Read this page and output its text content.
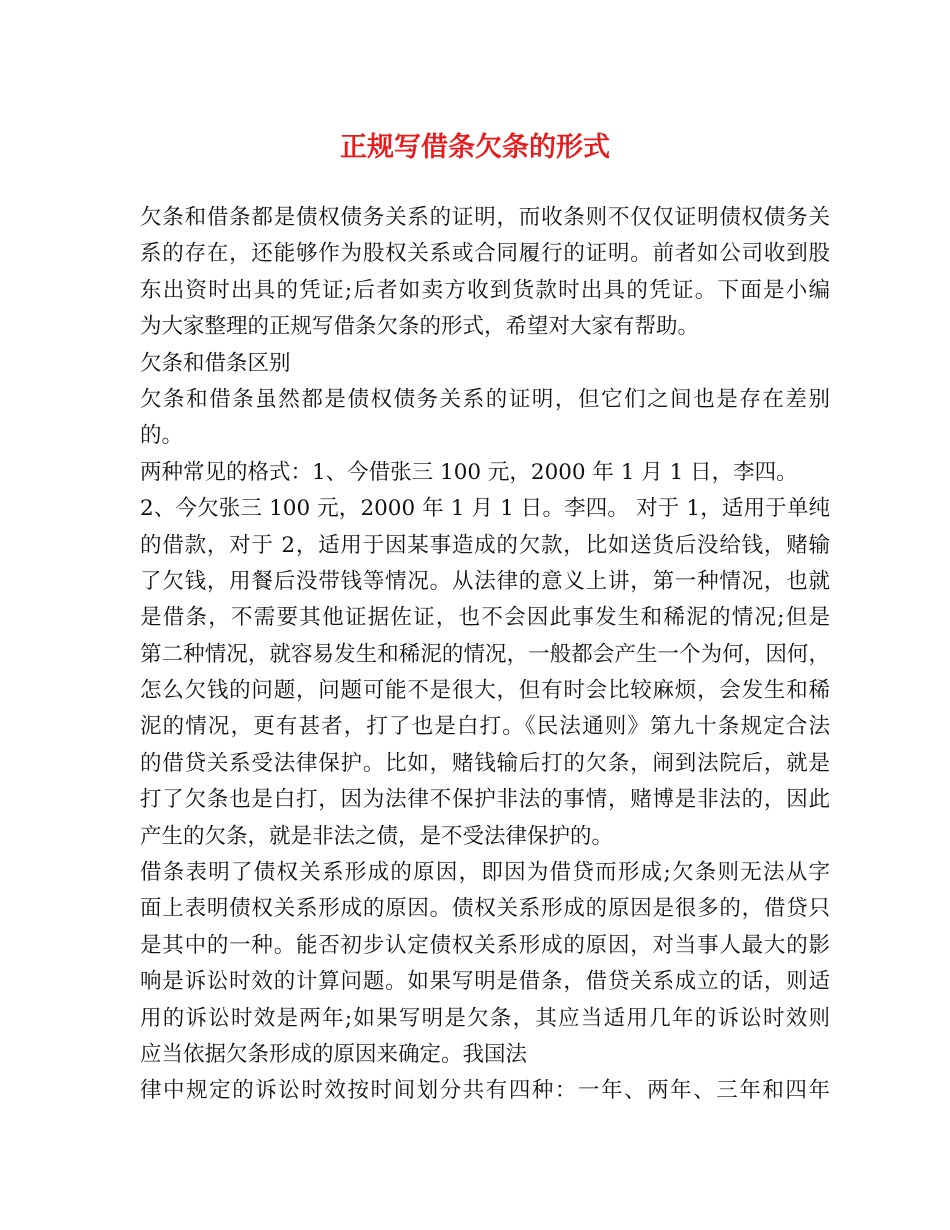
正规写借条欠条的形式
欠条和借条都是债权债务关系的证明，而收条则不仅仅证明债权债务关
系的存在，还能够作为股权关系或合同履行的证明。前者如公司收到股
东出资时出具的凭证;后者如卖方收到货款时出具的凭证。下面是小编
为大家整理的正规写借条欠条的形式，希望对大家有帮助。
欠条和借条区别
欠条和借条虽然都是债权债务关系的证明，但它们之间也是存在差别
的。
两种常见的格式：1、今借张三 100 元，2000 年 1 月 1 日，李四。
2、今欠张三 100 元，2000 年 1 月 1 日。李四。 对于 1，适用于单纯
的借款，对于 2，适用于因某事造成的欠款，比如送货后没给钱，赌输
了欠钱，用餐后没带钱等情况。从法律的意义上讲，第一种情况，也就
是借条，不需要其他证据佐证，也不会因此事发生和稀泥的情况;但是
第二种情况，就容易发生和稀泥的情况，一般都会产生一个为何，因何，
怎么欠钱的问题，问题可能不是很大，但有时会比较麻烦，会发生和稀
泥的情况，更有甚者，打了也是白打。《民法通则》第九十条规定合法
的借贷关系受法律保护。比如，赌钱输后打的欠条，闹到法院后，就是
打了欠条也是白打，因为法律不保护非法的事情，赌博是非法的，因此
产生的欠条，就是非法之债，是不受法律保护的。
借条表明了债权关系形成的原因，即因为借贷而形成;欠条则无法从字
面上表明债权关系形成的原因。债权关系形成的原因是很多的，借贷只
是其中的一种。能否初步认定债权关系形成的原因，对当事人最大的影
响是诉讼时效的计算问题。如果写明是借条，借贷关系成立的话，则适
用的诉讼时效是两年;如果写明是欠条，其应当适用几年的诉讼时效则
应当依据欠条形成的原因来确定。我国法
律中规定的诉讼时效按时间划分共有四种：一年、两年、三年和四年
